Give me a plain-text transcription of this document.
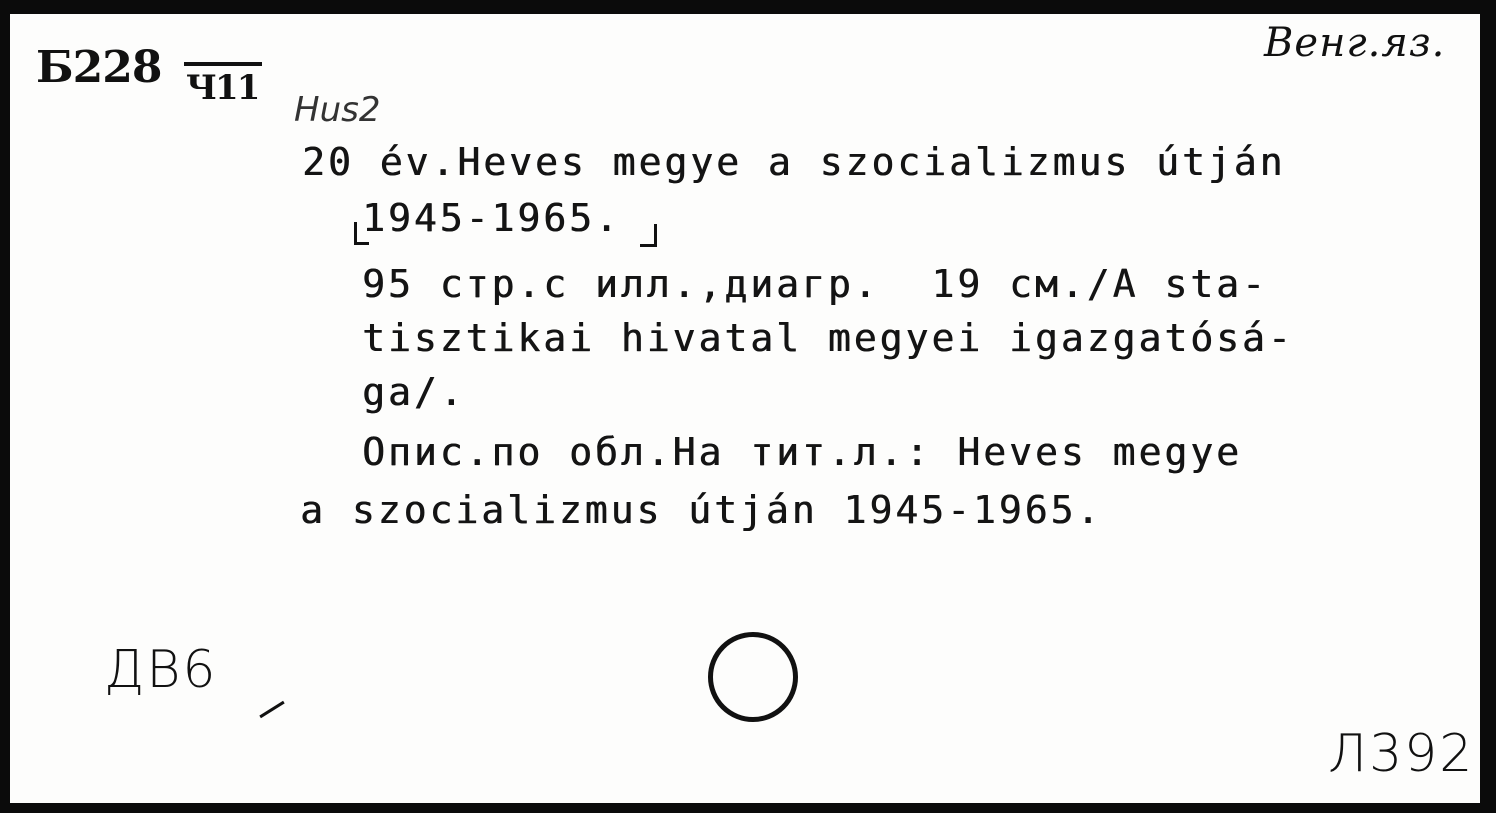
Б228 Ч11
Венг.яз.
Hus2
20 év.Heves megye a szocializmus útján
1945-1965.
95 стр.с илл.,диагр.  19 см./A sta-
tisztikai hivatal megyei igazgatósá-
ga/.
Опис.по обл.На тит.л.: Heves megye
a szocializmus útján 1945-1965.
ДВ6
Л392
